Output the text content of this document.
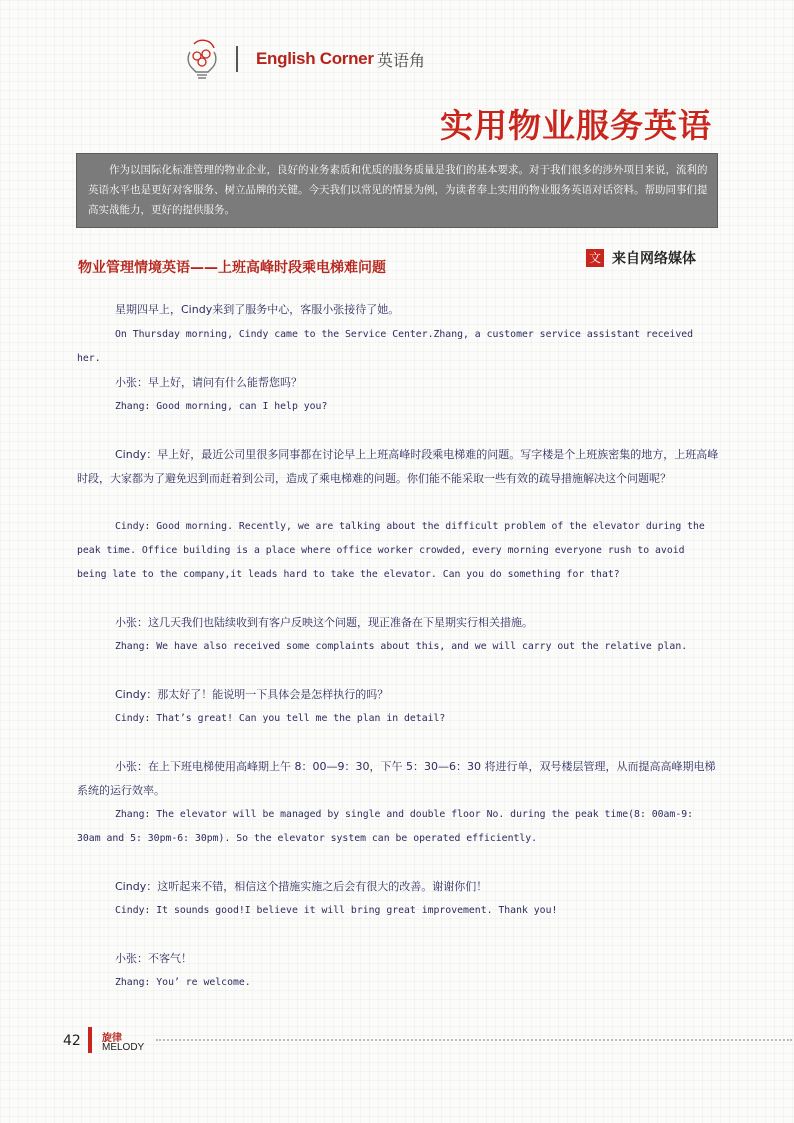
English Corner 英语角
实用物业服务英语
作为以国际化标准管理的物业企业，良好的业务素质和优质的服务质量是我们的基本要求。对于我们很多的涉外项目来说，流利的英语水平也是更好对客服务、树立品牌的关键。今天我们以常见的情景为例，为读者奉上实用的物业服务英语对话资料。帮助同事们提高实战能力，更好的提供服务。
物业管理情境英语——上班高峰时段乘电梯难问题
文 来自网络媒体
星期四早上，Cindy来到了服务中心，客服小张接待了她。
On Thursday morning, Cindy came to the Service Center.Zhang, a customer service assistant received her.
小张：早上好，请问有什么能帮您吗？
Zhang: Good morning, can I help you?
Cindy：早上好，最近公司里很多同事都在讨论早上上班高峰时段乘电梯难的问题。写字楼是个上班族密集的地方，上班高峰时段，大家都为了避免迟到而赶着到公司，造成了乘电梯难的问题。你们能不能采取一些有效的疏导措施解决这个问题呢？
Cindy: Good morning. Recently, we are talking about the difficult problem of the elevator during the peak time. Office building is a place where office worker crowded, every morning everyone rush to avoid being late to the company,it leads hard to take the elevator. Can you do something for that?
小张：这几天我们也陆续收到有客户反映这个问题，现正准备在下星期实行相关措施。
Zhang: We have also received some complaints about this, and we will carry out the relative plan.
Cindy：那太好了！能说明一下具体会是怎样执行的吗？
Cindy: That’s great! Can you tell me the plan in detail?
小张：在上下班电梯使用高峰期上午 8：00—9：30，下午 5：30—6：30 将进行单，双号楼层管理，从而提高高峰期电梯系统的运行效率。
Zhang: The elevator will be managed by single and double floor No. during the peak time(8: 00am-9: 30am and 5: 30pm-6: 30pm). So the elevator system can be operated efficiently.
Cindy：这听起来不错，相信这个措施实施之后会有很大的改善。谢谢你们！
Cindy: It sounds good!I believe it will bring great improvement. Thank you!
小张：不客气！
Zhang: You’ re welcome.
42 旋律
MELODY
